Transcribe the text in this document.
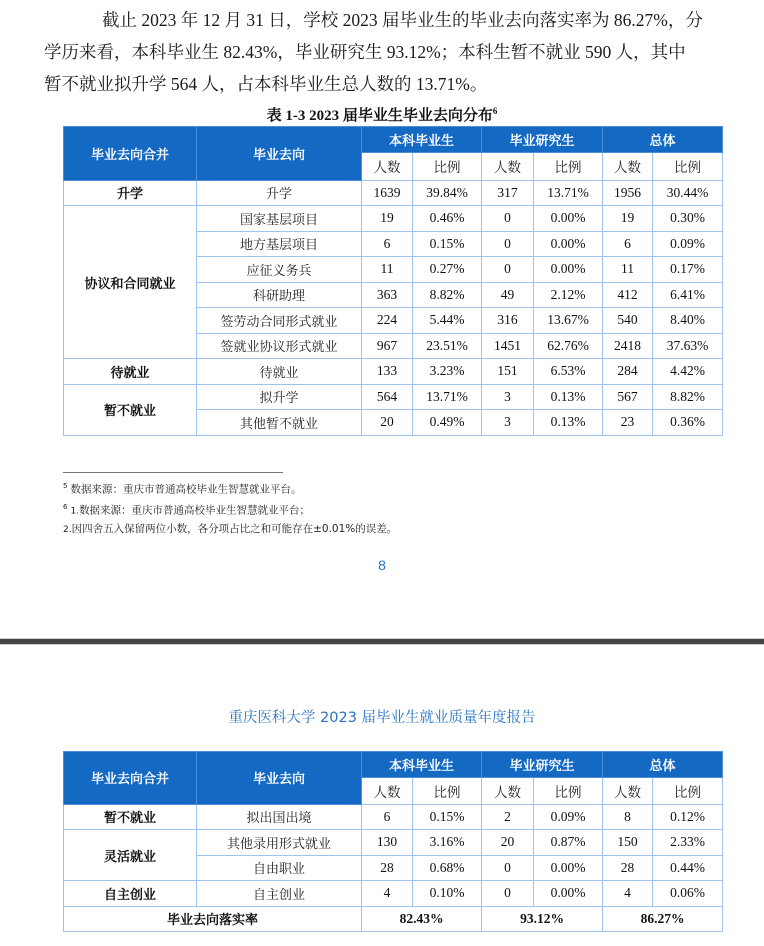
截止 2023 年 12 月 31 日，学校 2023 届毕业生的毕业去向落实率为 86.27%，分
学历来看，本科毕业生 82.43%，毕业研究生 93.12%；本科生暂不就业 590 人，其中
暂不就业拟升学 564 人，占本科毕业生总人数的 13.71%。
表 1-3 2023 届毕业生毕业去向分布$^6$
毕业去向合并	毕业去向	本科毕业生		毕业研究生		总体	
		人数	比例	人数	比例	人数	比例
升学	升学	1639	39.84%	317	13.71%	1956	30.44%
协议和合同就业	国家基层项目	19	0.46%	0	0.00%	19	0.30%
	地方基层项目	6	0.15%	0	0.00%	6	0.09%
	应征义务兵	11	0.27%	0	0.00%	11	0.17%
	科研助理	363	8.82%	49	2.12%	412	6.41%
	签劳动合同形式就业	224	5.44%	316	13.67%	540	8.40%
	签就业协议形式就业	967	23.51%	1451	62.76%	2418	37.63%
待就业	待就业	133	3.23%	151	6.53%	284	4.42%
暂不就业	拟升学	564	13.71%	3	0.13%	567	8.82%
	其他暂不就业	20	0.49%	3	0.13%	23	0.36%
$^5$ 数据来源：重庆市普通高校毕业生智慧就业平台。
$^6$ 1.数据来源：重庆市普通高校毕业生智慧就业平台；
2.因四舍五入保留两位小数，各分项占比之和可能存在±0.01%的误差。
8
重庆医科大学 2023 届毕业生就业质量年度报告
毕业去向合并	毕业去向	本科毕业生		毕业研究生		总体	
		人数	比例	人数	比例	人数	比例
暂不就业	拟出国出境	6	0.15%	2	0.09%	8	0.12%
灵活就业	其他录用形式就业	130	3.16%	20	0.87%	150	2.33%
	自由职业	28	0.68%	0	0.00%	28	0.44%
自主创业	自主创业	4	0.10%	0	0.00%	4	0.06%
毕业去向落实率		82.43%		93.12%		86.27%	
